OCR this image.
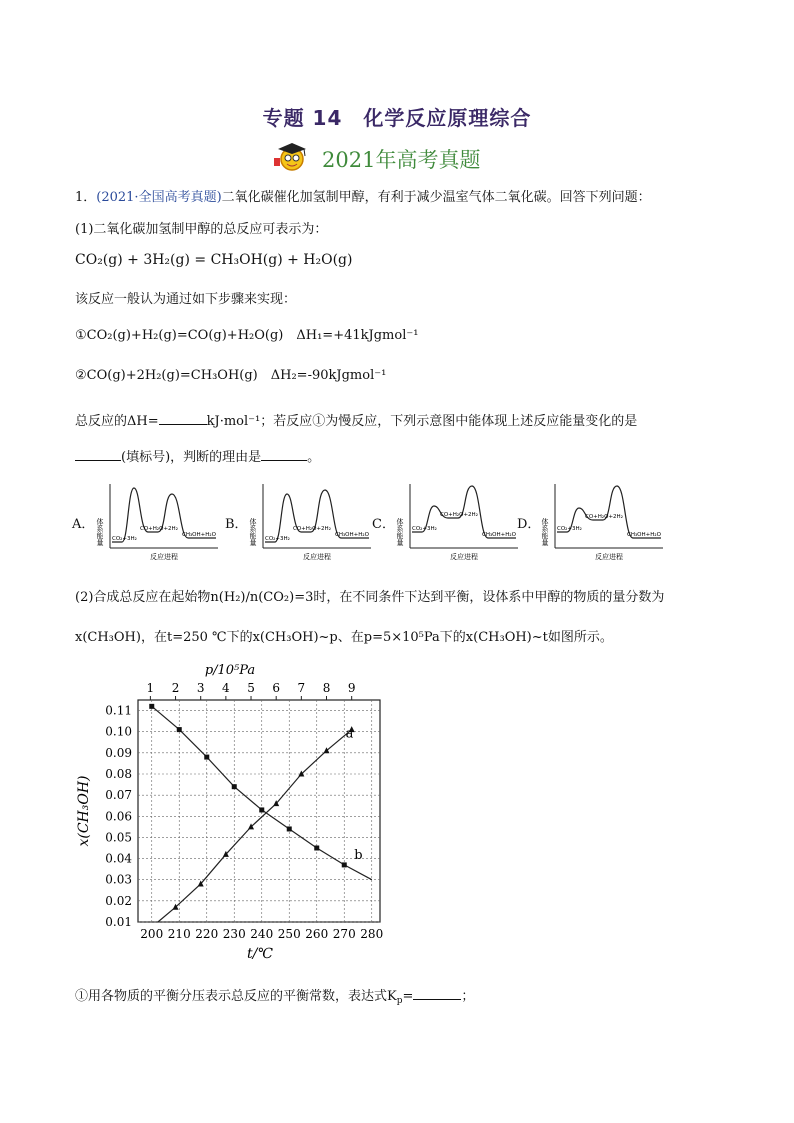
专题 14　化学反应原理综合
2021年高考真题
1．(2021·全国高考真题)二氧化碳催化加氢制甲醇，有利于减少温室气体二氧化碳。回答下列问题：
(1)二氧化碳加氢制甲醇的总反应可表示为：
CO₂(g) + 3H₂(g) = CH₃OH(g) + H₂O(g)
该反应一般认为通过如下步骤来实现：
①CO₂(g)+H₂(g)=CO(g)+H₂O(g)　ΔH₁=+41kJgmol⁻¹
②CO(g)+2H₂(g)=CH₃OH(g)　ΔH₂=-90kJgmol⁻¹
总反应的ΔH=	kJ·mol⁻¹；若反应①为慢反应，下列示意图中能体现上述反应能量变化的是
(填标号)，判断的理由是	。
A． 体系能量
反应进程
CO₂+3H₂
CO+H₂O+2H₂
CH₃OH+H₂O
B． 体系能量
反应进程
CO₂+3H₂
CO+H₂O+2H₂
CH₃OH+H₂O
C． 体系能量
反应进程
CO₂+3H₂
CO+H₂O+2H₂
CH₃OH+H₂O
D． 体系能量
反应进程
CO₂+3H₂
CO+H₂O+2H₂
CH₃OH+H₂O
(2)合成总反应在起始物n(H₂)/n(CO₂)=3时，在不同条件下达到平衡，设体系中甲醇的物质的量分数为
x(CH₃OH)，在t=250 ℃下的x(CH₃OH)~p、在p=5×10⁵Pa下的x(CH₃OH)~t如图所示。
0.11
0.10
0.09
0.08
0.07
0.06
0.05
0.04
0.03
0.02
0.01
200 210 220 230 240 250 260 270 280
1 2 3 4 5 6 7 8 9
p/10⁵Pa
t/℃
x(CH₃OH)
a
b
①用各物质的平衡分压表示总反应的平衡常数，表达式$K_p=$	；
